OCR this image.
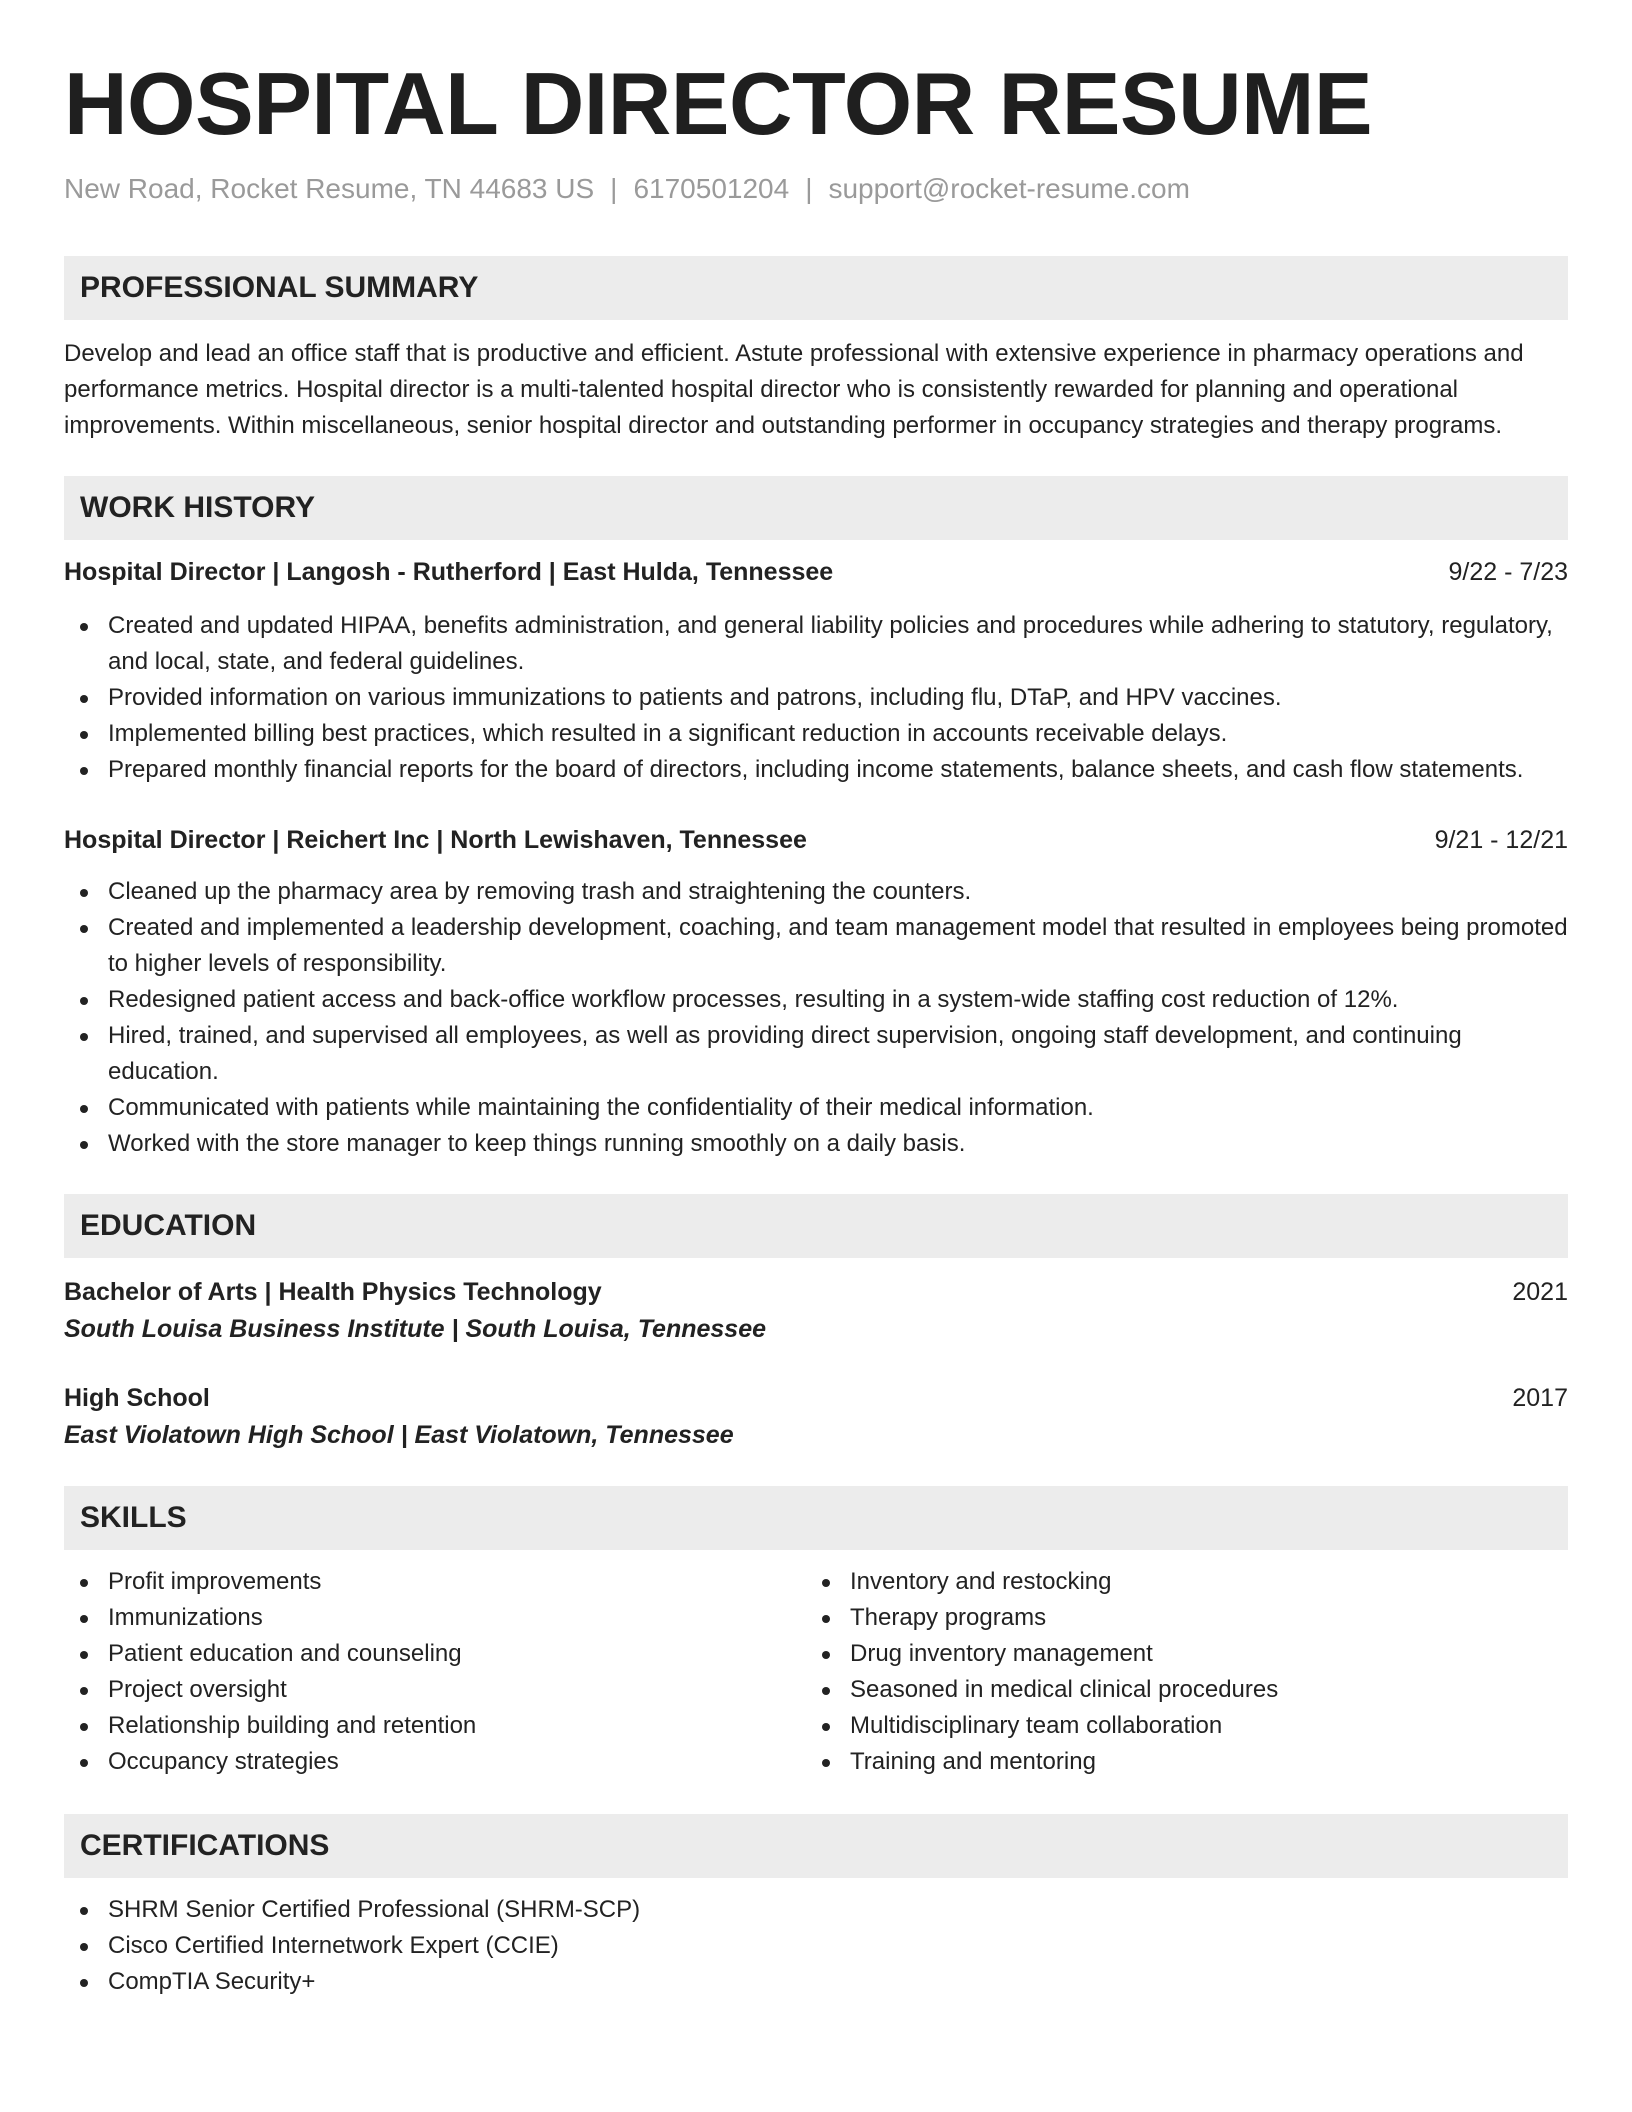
HOSPITAL DIRECTOR RESUME
New Road, Rocket Resume, TN 44683 US | 6170501204 | support@rocket-resume.com
PROFESSIONAL SUMMARY
Develop and lead an office staff that is productive and efficient. Astute professional with extensive experience in pharmacy operations and performance metrics. Hospital director is a multi-talented hospital director who is consistently rewarded for planning and operational improvements. Within miscellaneous, senior hospital director and outstanding performer in occupancy strategies and therapy programs.
WORK HISTORY
Hospital Director | Langosh - Rutherford | East Hulda, Tennessee	9/22 - 7/23
Created and updated HIPAA, benefits administration, and general liability policies and procedures while adhering to statutory, regulatory, and local, state, and federal guidelines.
Provided information on various immunizations to patients and patrons, including flu, DTaP, and HPV vaccines.
Implemented billing best practices, which resulted in a significant reduction in accounts receivable delays.
Prepared monthly financial reports for the board of directors, including income statements, balance sheets, and cash flow statements.
Hospital Director | Reichert Inc | North Lewishaven, Tennessee	9/21 - 12/21
Cleaned up the pharmacy area by removing trash and straightening the counters.
Created and implemented a leadership development, coaching, and team management model that resulted in employees being promoted to higher levels of responsibility.
Redesigned patient access and back-office workflow processes, resulting in a system-wide staffing cost reduction of 12%.
Hired, trained, and supervised all employees, as well as providing direct supervision, ongoing staff development, and continuing education.
Communicated with patients while maintaining the confidentiality of their medical information.
Worked with the store manager to keep things running smoothly on a daily basis.
EDUCATION
Bachelor of Arts | Health Physics Technology	2021
South Louisa Business Institute | South Louisa, Tennessee
High School	2017
East Violatown High School | East Violatown, Tennessee
SKILLS
Profit improvements
Immunizations
Patient education and counseling
Project oversight
Relationship building and retention
Occupancy strategies
Inventory and restocking
Therapy programs
Drug inventory management
Seasoned in medical clinical procedures
Multidisciplinary team collaboration
Training and mentoring
CERTIFICATIONS
SHRM Senior Certified Professional (SHRM-SCP)
Cisco Certified Internetwork Expert (CCIE)
CompTIA Security+
